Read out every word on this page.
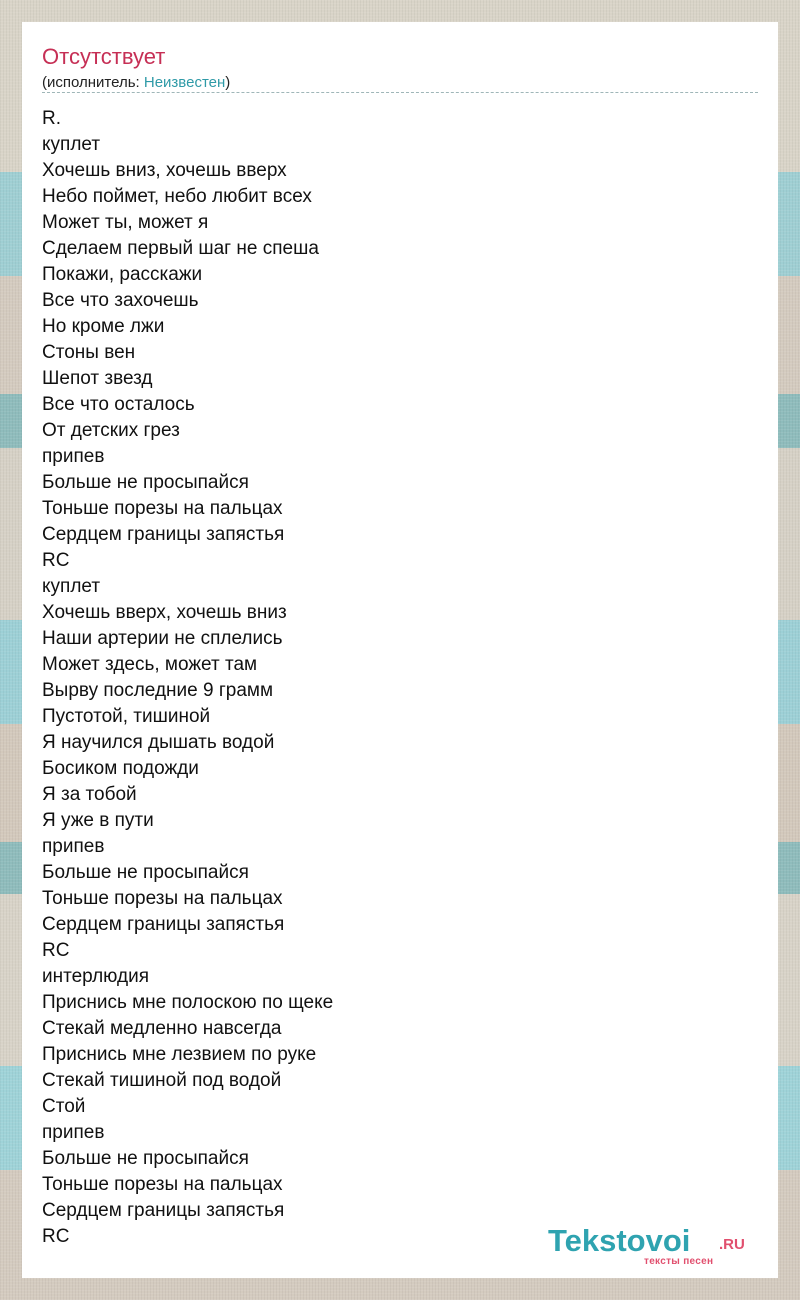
Отсутствует
(исполнитель: Неизвестен)
R.
куплет
Хочешь вниз, хочешь вверх
Небо поймет, небо любит всех
Может ты, может я
Сделаем первый шаг не спеша
Покажи, расскажи
Все что захочешь
Но кроме лжи
Стоны вен
Шепот звезд
Все что осталось
От детских грез
припев
Больше не просыпайся
Тоньше порезы на пальцах
Сердцем границы запястья
RC
куплет
Хочешь вверх, хочешь вниз
Наши артерии не сплелись
Может здесь, может там
Вырву последние 9 грамм
Пустотой, тишиной
Я научился дышать водой
Босиком подожди
Я за тобой
Я уже в пути
припев
Больше не просыпайся
Тоньше порезы на пальцах
Сердцем границы запястья
RC
интерлюдия
Приснись мне полоскою по щеке
Стекай медленно навсегда
Приснись мне лезвием по руке
Стекай тишиной под водой
Стой
припев
Больше не просыпайся
Тоньше порезы на пальцах
Сердцем границы запястья
RC	Tekstovoi .RU
тексты песен
